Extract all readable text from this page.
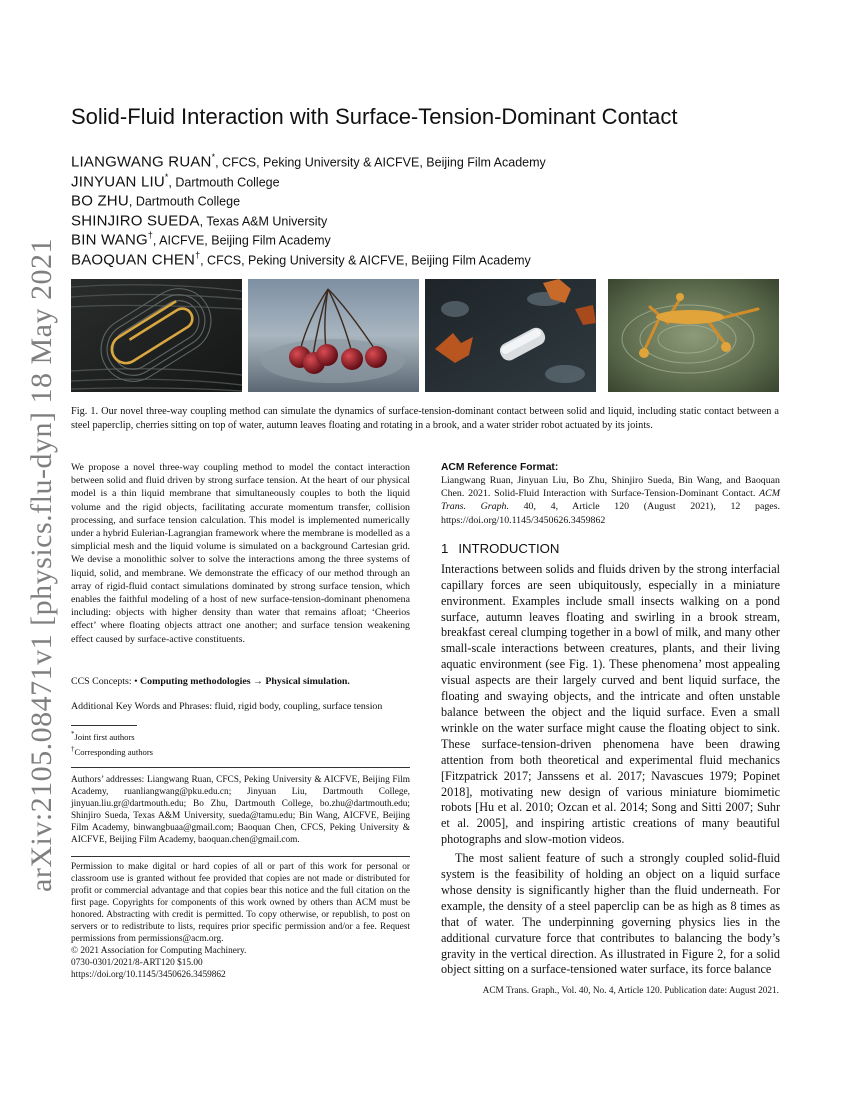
arXiv:2105.08471v1 [physics.flu-dyn] 18 May 2021
Solid-Fluid Interaction with Surface-Tension-Dominant Contact
LIANGWANG RUAN*, CFCS, Peking University & AICFVE, Beijing Film Academy
JINYUAN LIU*, Dartmouth College
BO ZHU, Dartmouth College
SHINJIRO SUEDA, Texas A&M University
BIN WANG†, AICFVE, Beijing Film Academy
BAOQUAN CHEN†, CFCS, Peking University & AICFVE, Beijing Film Academy
Fig. 1. Our novel three-way coupling method can simulate the dynamics of surface-tension-dominant contact between solid and liquid, including static contact between a steel paperclip, cherries sitting on top of water, autumn leaves floating and rotating in a brook, and a water strider robot actuated by its joints.

We propose a novel three-way coupling method to model the contact interaction between solid and fluid driven by strong surface tension. At the heart of our physical model is a thin liquid membrane that simultaneously couples to both the liquid volume and the rigid objects, facilitating accurate momentum transfer, collision processing, and surface tension calculation. This model is implemented numerically under a hybrid Eulerian-Lagrangian framework where the membrane is modelled as a simplicial mesh and the liquid volume is simulated on a background Cartesian grid. We devise a monolithic solver to solve the interactions among the three systems of liquid, solid, and membrane. We demonstrate the efficacy of our method through an array of rigid-fluid contact simulations dominated by strong surface tension, which enables the faithful modeling of a host of new surface-tension-dominant phenomena including: objects with higher density than water that remains afloat; ‘Cheerios effect’ where floating objects attract one another; and surface tension weakening effect caused by surface-active constituents.

CCS Concepts: • Computing methodologies → Physical simulation.

Additional Key Words and Phrases: fluid, rigid body, coupling, surface tension

*Joint first authors
†Corresponding authors

Authors’ addresses: Liangwang Ruan, CFCS, Peking University & AICFVE, Beijing Film Academy, ruanliangwang@pku.edu.cn; Jinyuan Liu, Dartmouth College, jinyuan.liu.gr@dartmouth.edu; Bo Zhu, Dartmouth College, bo.zhu@dartmouth.edu; Shinjiro Sueda, Texas A&M University, sueda@tamu.edu; Bin Wang, AICFVE, Beijing Film Academy, binwangbuaa@gmail.com; Baoquan Chen, CFCS, Peking University & AICFVE, Beijing Film Academy, baoquan.chen@gmail.com.

Permission to make digital or hard copies of all or part of this work for personal or classroom use is granted without fee provided that copies are not made or distributed for profit or commercial advantage and that copies bear this notice and the full citation on the first page. Copyrights for components of this work owned by others than ACM must be honored. Abstracting with credit is permitted. To copy otherwise, or republish, to post on servers or to redistribute to lists, requires prior specific permission and/or a fee. Request permissions from permissions@acm.org.

© 2021 Association for Computing Machinery.

0730-0301/2021/8-ART120 $15.00

https://doi.org/10.1145/3450626.3459862

ACM Reference Format:

Liangwang Ruan, Jinyuan Liu, Bo Zhu, Shinjiro Sueda, Bin Wang, and Baoquan Chen. 2021. Solid-Fluid Interaction with Surface-Tension-Dominant Contact. ACM Trans. Graph. 40, 4, Article 120 (August 2021), 12 pages. https://doi.org/10.1145/3450626.3459862

1 INTRODUCTION

Interactions between solids and fluids driven by the strong interfacial capillary forces are seen ubiquitously, especially in a miniature environment. Examples include small insects walking on a pond surface, autumn leaves floating and swirling in a brook stream, breakfast cereal clumping together in a bowl of milk, and many other small-scale interactions between creatures, plants, and their living aquatic environment (see Fig. 1). These phenomena’ most appealing visual aspects are their largely curved and bent liquid surface, the floating and swaying objects, and the intricate and often unstable balance between the object and the liquid surface. Even a small wrinkle on the water surface might cause the floating object to sink. These surface-tension-driven phenomena have been drawing attention from both theoretical and experimental fluid mechanics [Fitzpatrick 2017; Janssens et al. 2017; Navascues 1979; Popinet 2018], motivating new design of various miniature biomimetic robots [Hu et al. 2010; Ozcan et al. 2014; Song and Sitti 2007; Suhr et al. 2005], and inspiring artistic creations of many beautiful photographs and slow-motion videos.

The most salient feature of such a strongly coupled solid-fluid system is the feasibility of holding an object on a liquid surface whose density is significantly higher than the fluid underneath. For example, the density of a steel paperclip can be as high as 8 times as that of water. The underpinning governing physics lies in the additional curvature force that contributes to balancing the body’s gravity in the vertical direction. As illustrated in Figure 2, for a solid object sitting on a surface-tensioned water surface, its force balance

ACM Trans. Graph., Vol. 40, No. 4, Article 120. Publication date: August 2021.
